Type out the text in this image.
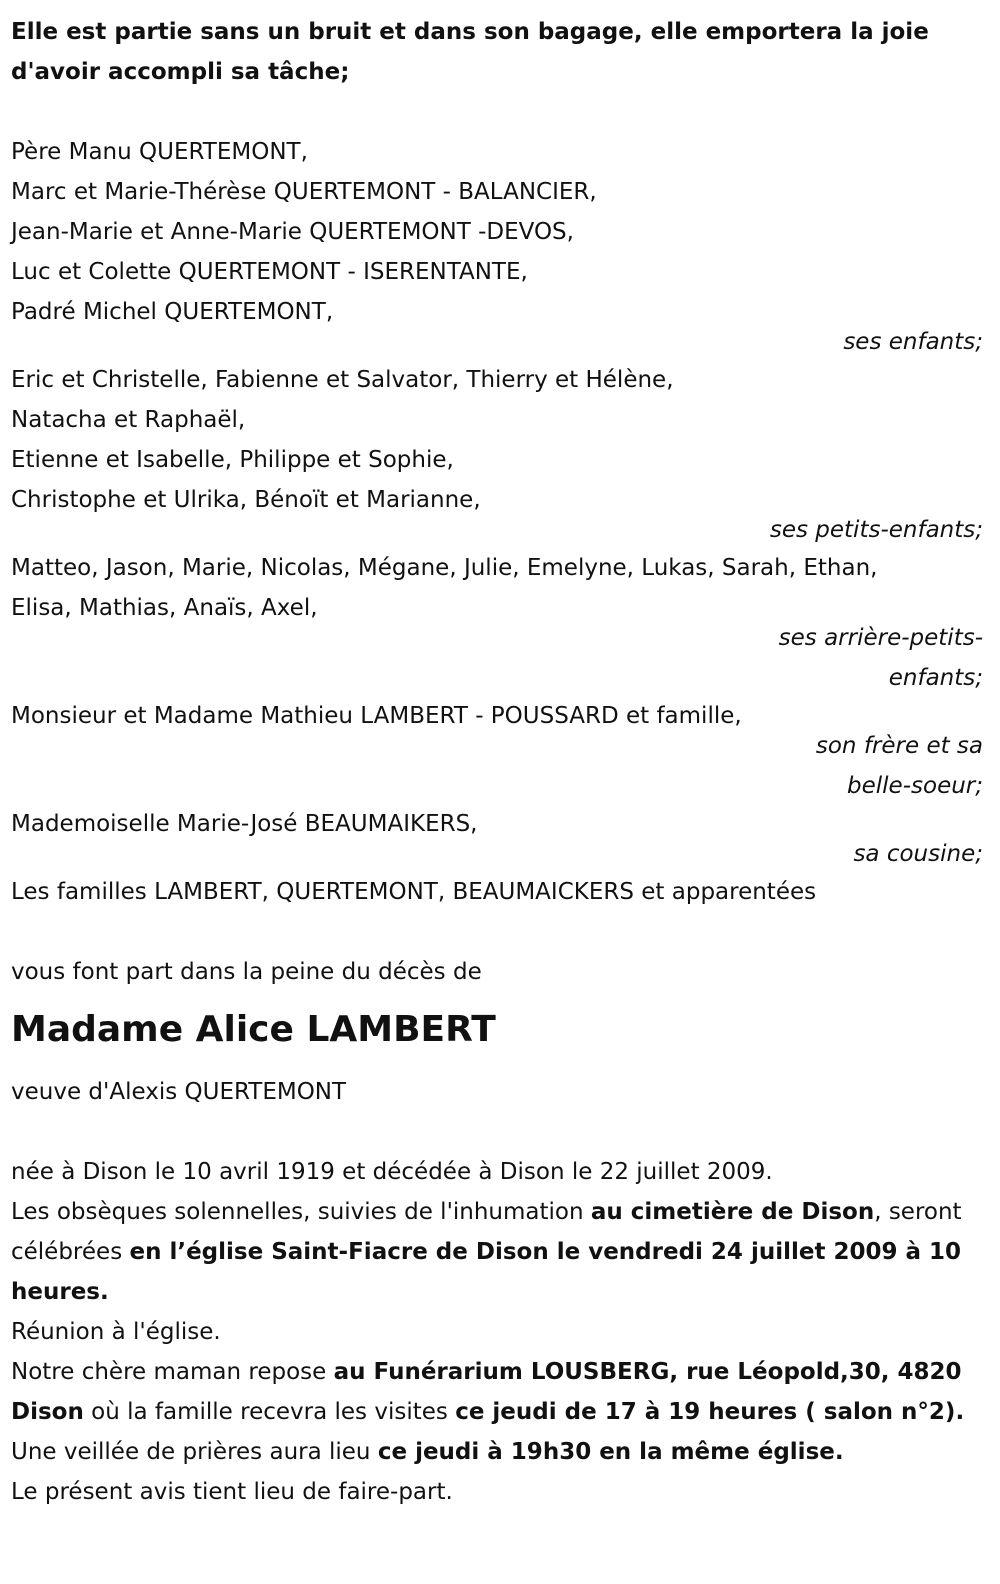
Elle est partie sans un bruit et dans son bagage, elle emportera la joie d'avoir accompli sa tâche;

Père Manu QUERTEMONT,

Marc et Marie-Thérèse QUERTEMONT - BALANCIER,

Jean-Marie et Anne-Marie QUERTEMONT -DEVOS,

Luc et Colette QUERTEMONT - ISERENTANTE,

Padré Michel QUERTEMONT,

ses enfants;

Eric et Christelle, Fabienne et Salvator, Thierry et Hélène,

Natacha et Raphaël,

Etienne et Isabelle, Philippe et Sophie,

Christophe et Ulrika, Bénoït et Marianne,

ses petits-enfants;

Matteo, Jason, Marie, Nicolas, Mégane, Julie, Emelyne, Lukas, Sarah, Ethan,

Elisa, Mathias, Anaïs, Axel,

ses arrière-petits-enfants;

Monsieur et Madame Mathieu LAMBERT - POUSSARD et famille,

son frère et sa belle-soeur;

Mademoiselle Marie-José BEAUMAIKERS,

sa cousine;

Les familles LAMBERT, QUERTEMONT, BEAUMAICKERS et apparentées

vous font part dans la peine du décès de

Madame Alice LAMBERT

veuve d'Alexis QUERTEMONT

née à Dison le 10 avril 1919 et décédée à Dison le 22 juillet 2009.

Les obsèques solennelles, suivies de l'inhumation au cimetière de Dison, seront célébrées en l’église Saint-Fiacre de Dison le vendredi 24 juillet 2009 à 10 heures.

Réunion à l'église.

Notre chère maman repose au Funérarium LOUSBERG, rue Léopold,30, 4820 Dison où la famille recevra les visites ce jeudi de 17 à 19 heures ( salon n°2).

Une veillée de prières aura lieu ce jeudi à 19h30 en la même église.

Le présent avis tient lieu de faire-part.
